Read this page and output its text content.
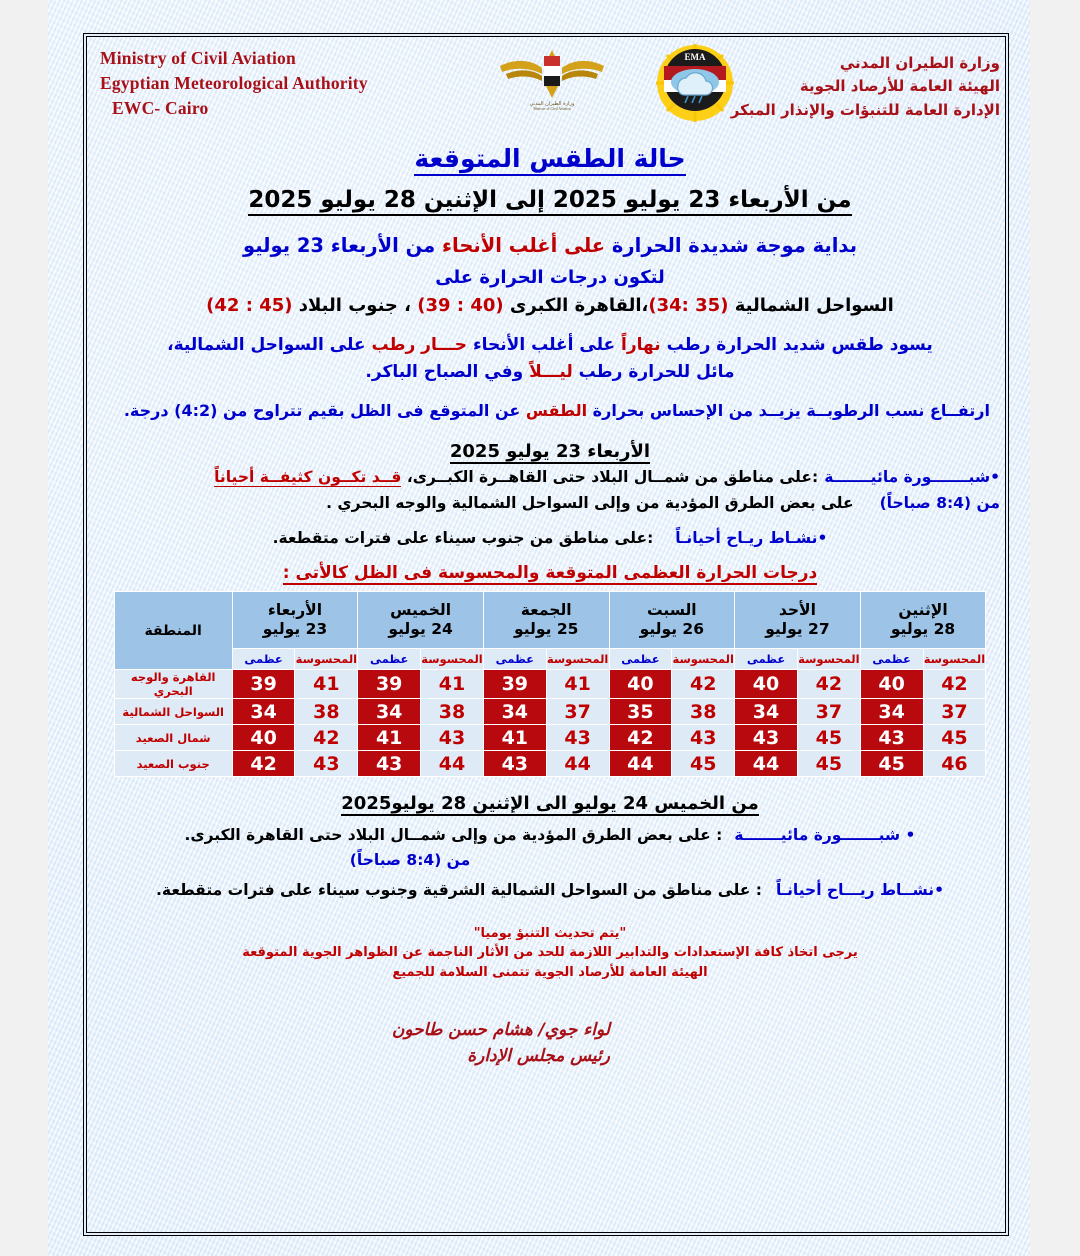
Ministry of Civil Aviation
Egyptian Meteorological Authority
EWC- Cairo	وزارة الطيران المدني
Ministry of Civil Aviation
EMA	وزارة الطيران المدني
الهيئة العامة للأرصاد الجوية
الإدارة العامة للتنبؤات والإنذار المبكر
حالة الطقس المتوقعة
من الأربعاء 23 يوليو 2025 إلى الإثنين 28 يوليو 2025
بداية موجة شديدة الحرارة على أغلب الأنحاء من الأربعاء 23 يوليو
لتكون درجات الحرارة على
السواحل الشمالية (35 :34)،القاهرة الكبرى (40 : 39) ، جنوب البلاد (45 : 42)
يسود طقس شديد الحرارة رطب نهاراً على أغلب الأنحاء حـــار رطب على السواحل الشمالية،
مائل للحرارة رطب ليـــلاً وفي الصباح الباكر.
ارتفــاع نسب الرطوبــة يزيــد من الإحساس بحرارة الطقس عن المتوقع فى الظل بقيم تتراوح من (4:2) درجة.
الأربعاء 23 يوليو 2025
•شبـــــــورة مائيـــــــة
:على مناطق من شمــال البلاد حتى القاهــرة الكبــرى، قــد تكــون كثيفــة أحياناً
من (8:4 صباحاً)
على بعض الطرق المؤدية من وإلى السواحل الشمالية والوجه البحري .
•نشـاط ريـاح أحيانـاً
:على مناطق من جنوب سيناء على فترات متقطعة.
درجات الحرارة العظمى المتوقعة والمحسوسة فى الظل كالأتى :
الإثنين
28 يوليو

الأحد
27 يوليو

السبت
26 يوليو

الجمعة
25 يوليو

الخميس
24 يوليو

الأربعاء
23 يوليو
	المنطقة
المحسوسة	عظمى	المحسوسة	عظمى	المحسوسة	عظمى	المحسوسة	عظمى	المحسوسة	عظمى	المحسوسة	عظمى	
42	40	42	40	42	40	41	39	41	39	41	39	القاهرة والوجه البحري
37	34	37	34	38	35	37	34	38	34	38	34	السواحل الشمالية
45	43	45	43	43	42	43	41	43	41	42	40	شمال الصعيد
46	45	45	44	45	44	44	43	44	43	43	42	جنوب الصعيد
من الخميس 24 يوليو الى الإثنين 28 يوليو2025
• شبـــــــورة مائيـــــــة
: على بعض الطرق المؤدية من وإلى شمــال البلاد حتى القاهرة الكبرى.
من (8:4 صباحاً)
•نشــاط ريـــاح أحيانـاً
: على مناطق من السواحل الشمالية الشرقية وجنوب سيناء على فترات متقطعة.
"يتم تحديث التنبؤ يوميا"
يرجى اتخاذ كافة الإستعدادات والتدابير اللازمة للحد من الأثار الناجمة عن الظواهر الجوية المتوقعة
الهيئة العامة للأرصاد الجوية تتمنى السلامة للجميع
لواء جوي/ هشام حسن طاحون
رئيس مجلس الإدارة
